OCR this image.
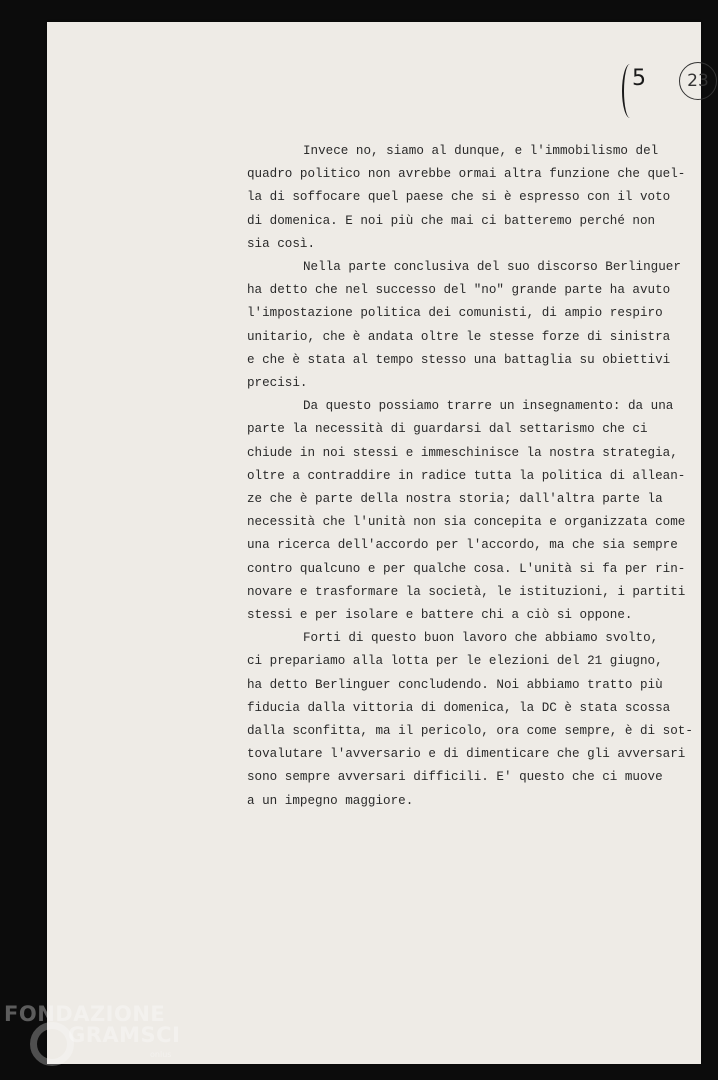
5	23

Invece no, siamo al dunque, e l'immobilismo del
quadro politico non avrebbe ormai altra funzione che quel-
la di soffocare quel paese che si è espresso con il voto
di domenica. E noi più che mai ci batteremo perché non
sia così.

Nella parte conclusiva del suo discorso Berlinguer
ha detto che nel successo del "no" grande parte ha avuto
l'impostazione politica dei comunisti, di ampio respiro
unitario, che è andata oltre le stesse forze di sinistra
e che è stata al tempo stesso una battaglia su obiettivi
precisi.

Da questo possiamo trarre un insegnamento: da una
parte la necessità di guardarsi dal settarismo che ci
chiude in noi stessi e immeschinisce la nostra strategia,
oltre a contraddire in radice tutta la politica di allean-
ze che è parte della nostra storia; dall'altra parte la
necessità che l'unità non sia concepita e organizzata come
una ricerca dell'accordo per l'accordo, ma che sia sempre
contro qualcuno e per qualche cosa. L'unità si fa per rin-
novare e trasformare la società, le istituzioni, i partiti
stessi e per isolare e battere chi a ciò si oppone.

Forti di questo buon lavoro che abbiamo svolto,
ci prepariamo alla lotta per le elezioni del 21 giugno,
ha detto Berlinguer concludendo. Noi abbiamo tratto più
fiducia dalla vittoria di domenica, la DC è stata scossa
dalla sconfitta, ma il pericolo, ora come sempre, è di sot-
tovalutare l'avversario e di dimenticare che gli avversari
sono sempre avversari difficili. E' questo che ci muove
a un impegno maggiore.

FONDAZIONE
GRAMSCI
onlus
